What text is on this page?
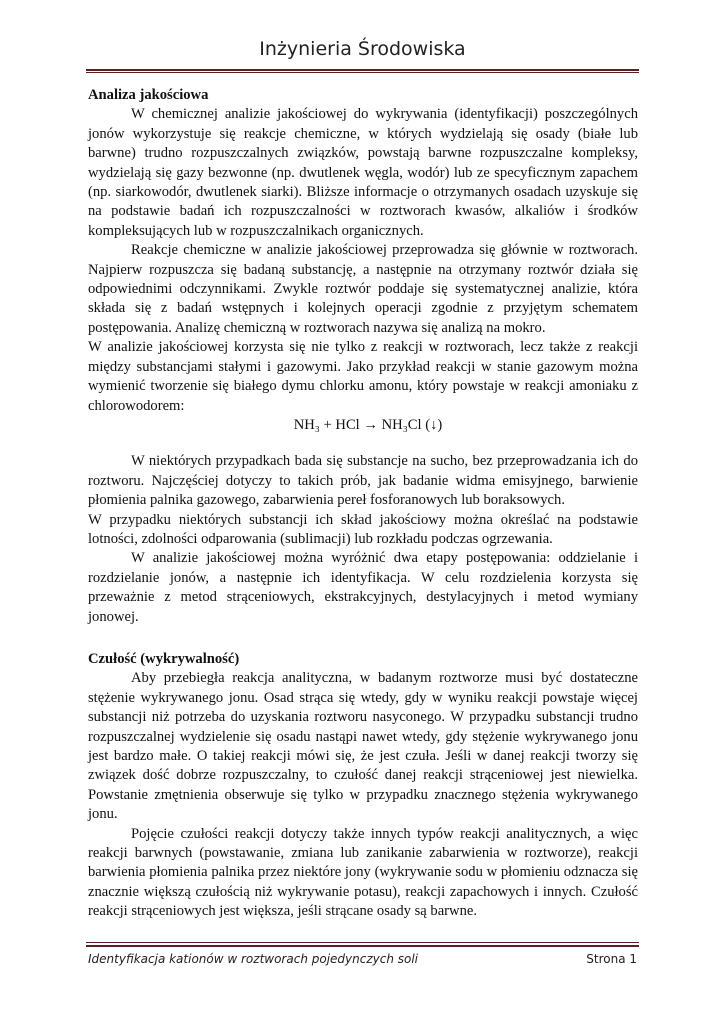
Inżynieria Środowiska
Analiza jakościowa

W chemicznej analizie jakościowej do wykrywania (identyfikacji) poszczególnych jonów wykorzystuje się reakcje chemiczne, w których wydzielają się osady (białe lub barwne) trudno rozpuszczalnych związków, powstają barwne rozpuszczalne kompleksy, wydzielają się gazy bezwonne (np. dwutlenek węgla, wodór) lub ze specyficznym zapachem (np. siarkowodór, dwutlenek siarki). Bliższe informacje o otrzymanych osadach uzyskuje się na podstawie badań ich rozpuszczalności w roztworach kwasów, alkaliów i środków kompleksujących lub w rozpuszczalnikach organicznych.

Reakcje chemiczne w analizie jakościowej przeprowadza się głównie w roztworach. Najpierw rozpuszcza się badaną substancję, a następnie na otrzymany roztwór działa się odpowiednimi odczynnikami. Zwykle roztwór poddaje się systematycznej analizie, która składa się z badań wstępnych i kolejnych operacji zgodnie z przyjętym schematem postępowania. Analizę chemiczną w roztworach nazywa się analizą na mokro.

W analizie jakościowej korzysta się nie tylko z reakcji w roztworach, lecz także z reakcji między substancjami stałymi i gazowymi. Jako przykład reakcji w stanie gazowym można wymienić tworzenie się białego dymu chlorku amonu, który powstaje w reakcji amoniaku z chlorowodorem:

NH₃ + HCl → NH₃Cl (↓)

W niektórych przypadkach bada się substancje na sucho, bez przeprowadzania ich do roztworu. Najczęściej dotyczy to takich prób, jak badanie widma emisyjnego, barwienie płomienia palnika gazowego, zabarwienia pereł fosforanowych lub boraksowych.

W przypadku niektórych substancji ich skład jakościowy można określać na podstawie lotności, zdolności odparowania (sublimacji) lub rozkładu podczas ogrzewania.

W analizie jakościowej można wyróżnić dwa etapy postępowania: oddzielanie i rozdzielanie jonów, a następnie ich identyfikacja. W celu rozdzielenia korzysta się przeważnie z metod strąceniowych, ekstrakcyjnych, destylacyjnych i metod wymiany jonowej.

Czułość (wykrywalność)

Aby przebiegła reakcja analityczna, w badanym roztworze musi być dostateczne stężenie wykrywanego jonu. Osad strąca się wtedy, gdy w wyniku reakcji powstaje więcej substancji niż potrzeba do uzyskania roztworu nasyconego. W przypadku substancji trudno rozpuszczalnej wydzielenie się osadu nastąpi nawet wtedy, gdy stężenie wykrywanego jonu jest bardzo małe. O takiej reakcji mówi się, że jest czuła. Jeśli w danej reakcji tworzy się związek dość dobrze rozpuszczalny, to czułość danej reakcji strąceniowej jest niewielka. Powstanie zmętnienia obserwuje się tylko w przypadku znacznego stężenia wykrywanego jonu.

Pojęcie czułości reakcji dotyczy także innych typów reakcji analitycznych, a więc reakcji barwnych (powstawanie, zmiana lub zanikanie zabarwienia w roztworze), reakcji barwienia płomienia palnika przez niektóre jony (wykrywanie sodu w płomieniu odznacza się znacznie większą czułością niż wykrywanie potasu), reakcji zapachowych i innych. Czułość reakcji strąceniowych jest większa, jeśli strącane osady są barwne.

Identyfikacja kationów w roztworach pojedynczych soli	Strona 1
